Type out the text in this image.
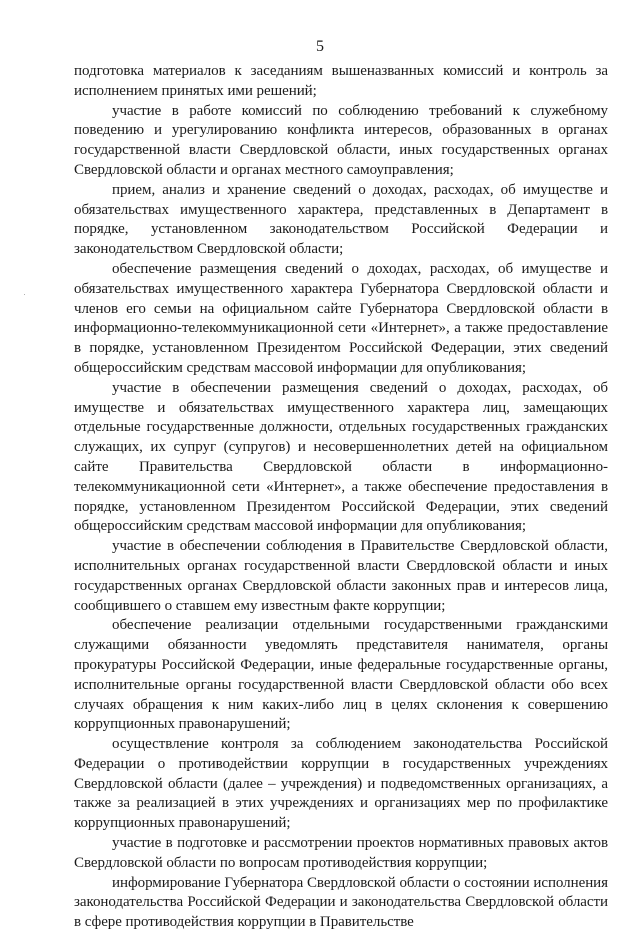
5

подготовка материалов к заседаниям вышеназванных комиссий и контроль за исполнением принятых ими решений;

участие в работе комиссий по соблюдению требований к служебному поведению и урегулированию конфликта интересов, образованных в органах государственной власти Свердловской области, иных государственных органах Свердловской области и органах местного самоуправления;

прием, анализ и хранение сведений о доходах, расходах, об имуществе и обязательствах имущественного характера, представленных в Департамент в порядке, установленном законодательством Российской Федерации и законодательством Свердловской области;

обеспечение размещения сведений о доходах, расходах, об имуществе и обязательствах имущественного характера Губернатора Свердловской области и членов его семьи на официальном сайте Губернатора Свердловской области в информационно-телекоммуникационной сети «Интернет», а также предоставление в порядке, установленном Президентом Российской Федерации, этих сведений общероссийским средствам массовой информации для опубликования;

участие в обеспечении размещения сведений о доходах, расходах, об имуществе и обязательствах имущественного характера лиц, замещающих отдельные государственные должности, отдельных государственных гражданских служащих, их супруг (супругов) и несовершеннолетних детей на официальном сайте Правительства Свердловской области в информационно-телекоммуникационной сети «Интернет», а также обеспечение предоставления в порядке, установленном Президентом Российской Федерации, этих сведений общероссийским средствам массовой информации для опубликования;

участие в обеспечении соблюдения в Правительстве Свердловской области, исполнительных органах государственной власти Свердловской области и иных государственных органах Свердловской области законных прав и интересов лица, сообщившего о ставшем ему известным факте коррупции;

обеспечение реализации отдельными государственными гражданскими служащими обязанности уведомлять представителя нанимателя, органы прокуратуры Российской Федерации, иные федеральные государственные органы, исполнительные органы государственной власти Свердловской области обо всех случаях обращения к ним каких-либо лиц в целях склонения к совершению коррупционных правонарушений;

осуществление контроля за соблюдением законодательства Российской Федерации о противодействии коррупции в государственных учреждениях Свердловской области (далее – учреждения) и подведомственных организациях, а также за реализацией в этих учреждениях и организациях мер по профилактике коррупционных правонарушений;

участие в подготовке и рассмотрении проектов нормативных правовых актов Свердловской области по вопросам противодействия коррупции;

информирование Губернатора Свердловской области о состоянии исполнения законодательства Российской Федерации и законодательства Свердловской области в сфере противодействия коррупции в Правительстве
